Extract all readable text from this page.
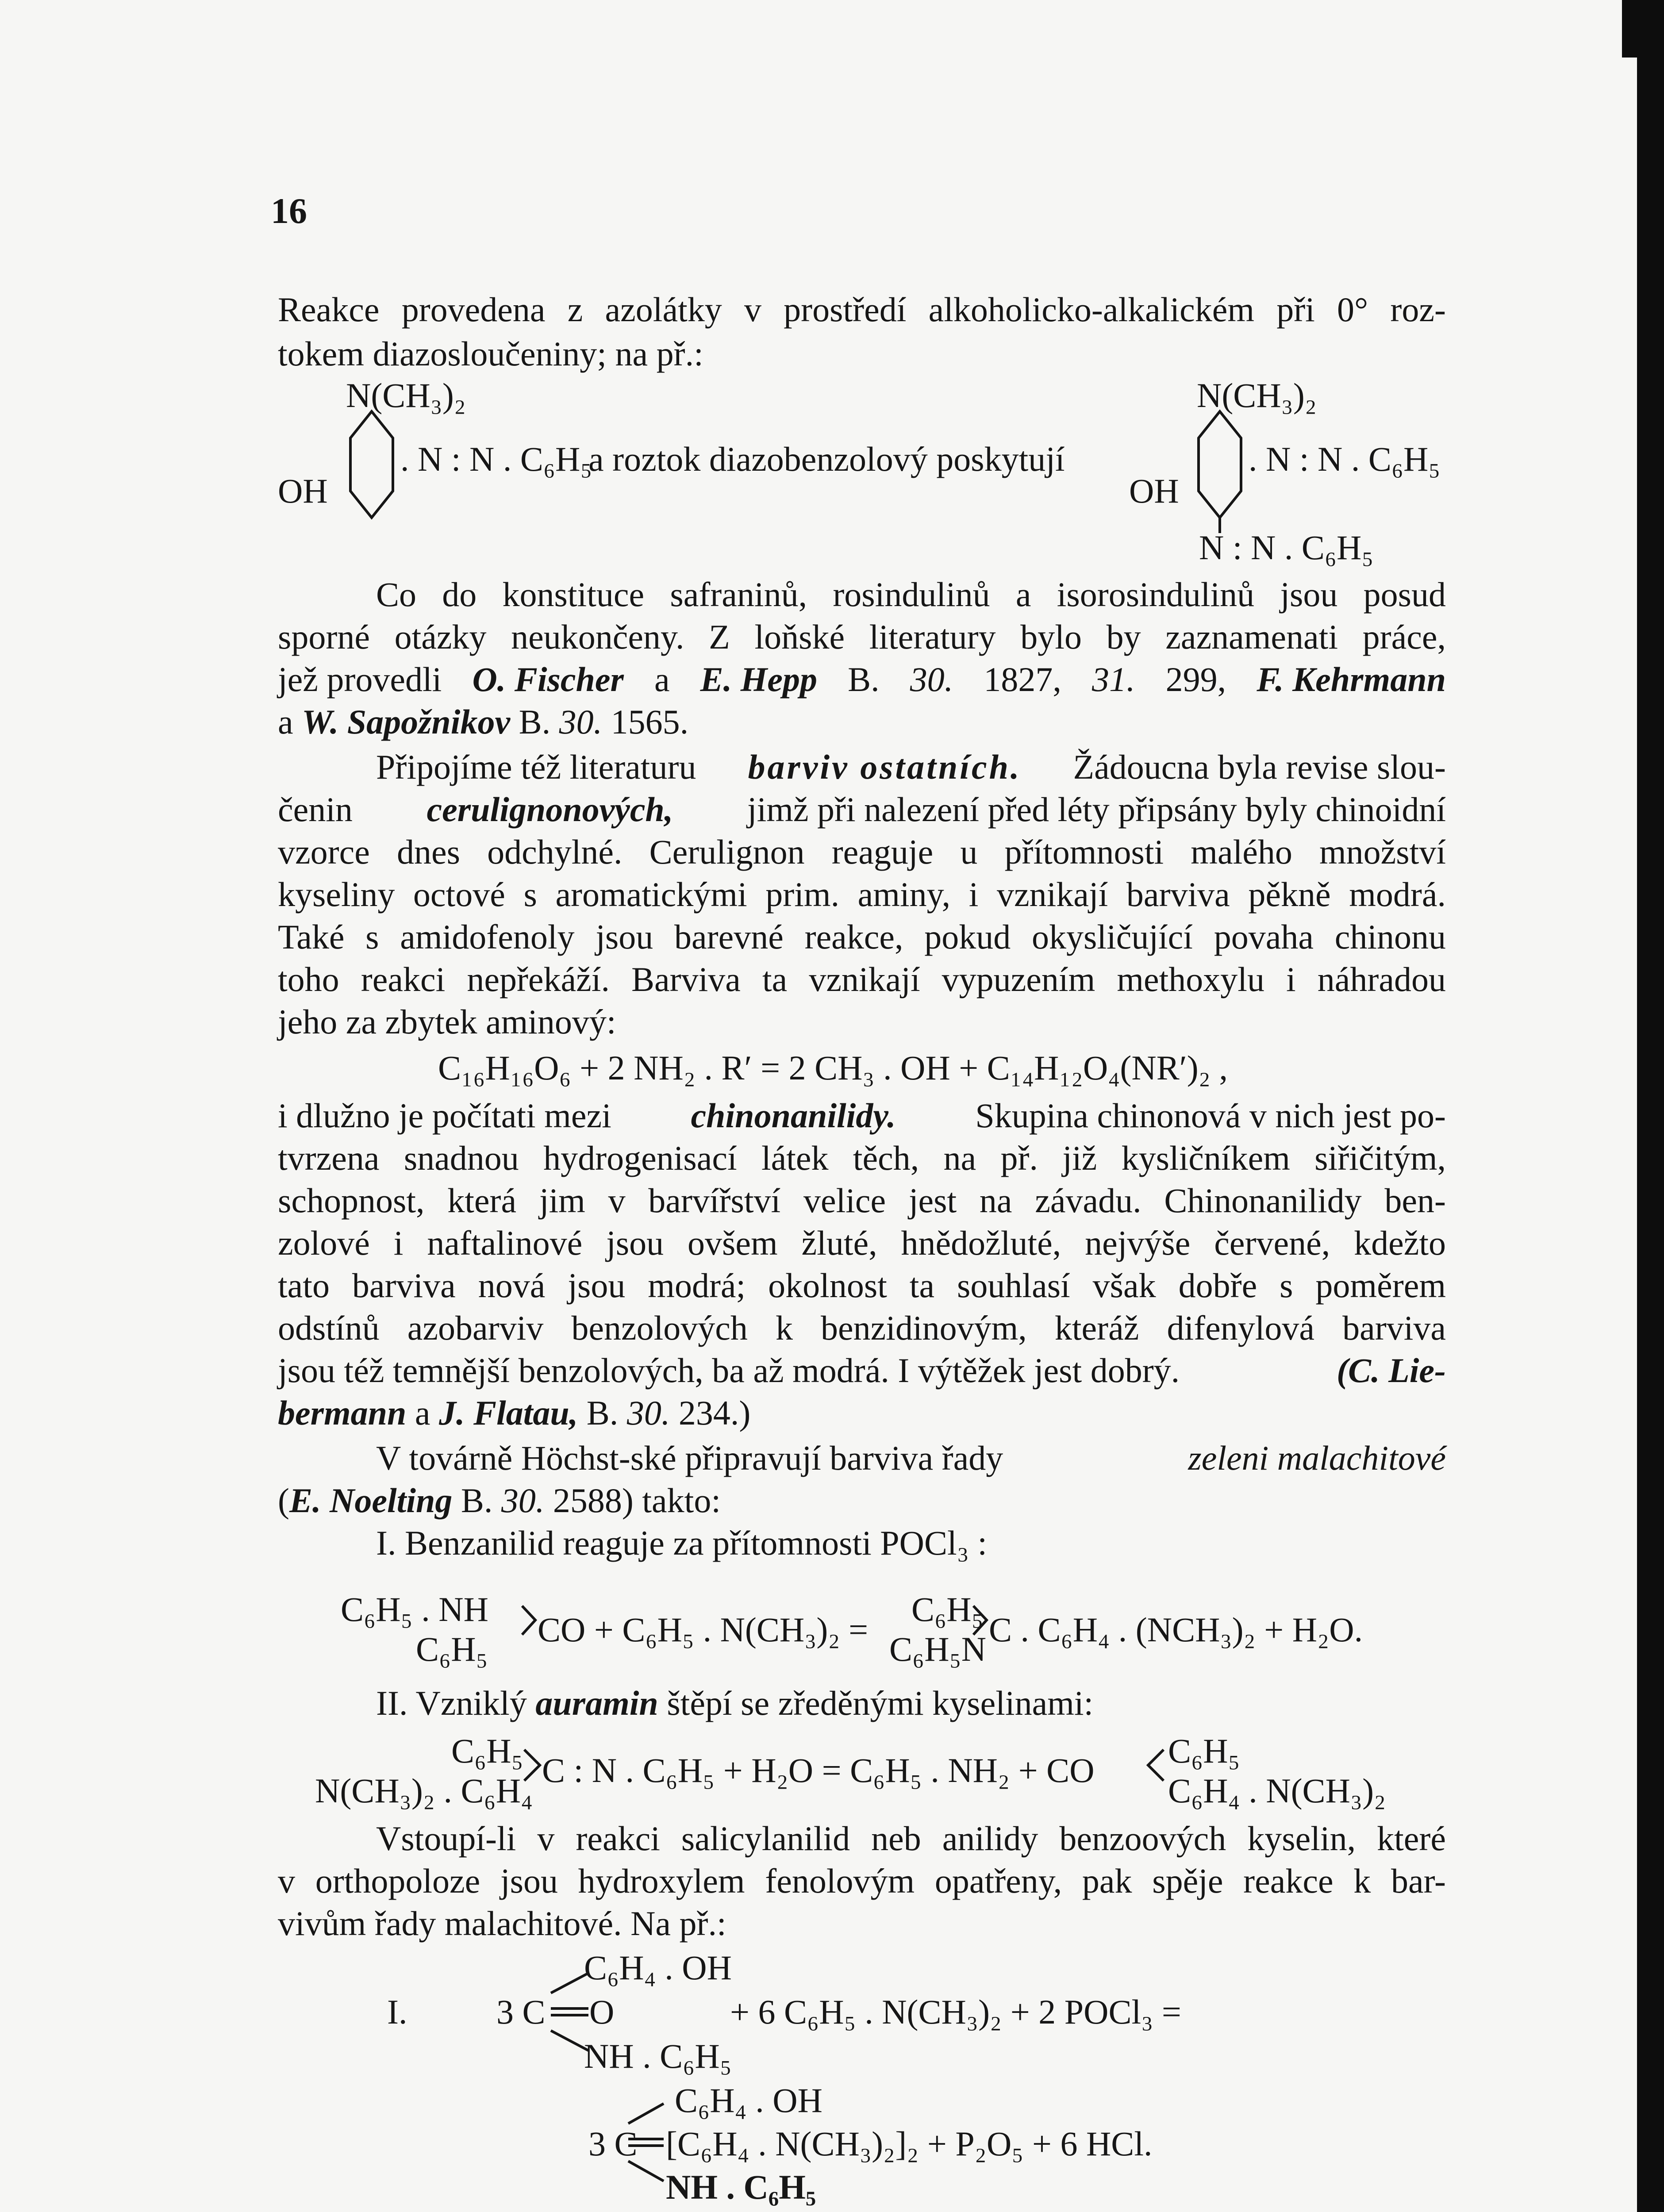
16
Reakce provedena z azolátky v prostředí alkoholicko-alkalickém při 0° roz-
tokem diazosloučeniny; na př.:
N(CH₃)₂
OH
. N : N . C₆H₅
a roztok diazobenzolový poskytují
N(CH₃)₂
OH
. N : N . C₆H₅
N : N . C₆H₅
Co do konstituce safraninů, rosindulinů a isorosindulinů jsou posud
sporné otázky neukončeny. Z loňské literatury bylo by zaznamenati práce,
jež provedli O. Fischer a E. Hepp B. 30. 1827, 31. 299, F. Kehrmann
a W. Sapožnikov B. 30. 1565.
Připojíme též literaturu barviv ostatních. Žádoucna byla revise slou-
čenin cerulignonových, jimž při nalezení před léty připsány byly chinoidní
vzorce dnes odchylné. Cerulignon reaguje u přítomnosti malého množství
kyseliny octové s aromatickými prim. aminy, i vznikají barviva pěkně modrá.
Také s amidofenoly jsou barevné reakce, pokud okysličující povaha chinonu
toho reakci nepřekáží. Barviva ta vznikají vypuzením methoxylu i náhradou
jeho za zbytek aminový:
C₁₆H₁₆O₆ + 2 NH₂ . R′ = 2 CH₃ . OH + C₁₄H₁₂O₄(NR′)₂ ,
i dlužno je počítati mezi chinonanilidy. Skupina chinonová v nich jest po-
tvrzena snadnou hydrogenisací látek těch, na př. již kysličníkem siřičitým,
schopnost, která jim v barvířství velice jest na závadu. Chinonanilidy ben-
zolové i naftalinové jsou ovšem žluté, hnědožluté, nejvýše červené, kdežto
tato barviva nová jsou modrá; okolnost ta souhlasí však dobře s poměrem
odstínů azobarviv benzolových k benzidinovým, kteráž difenylová barviva
jsou též temnější benzolových, ba až modrá. I výtěžek jest dobrý.	(C. Lie-
bermann a J. Flatau, B. 30. 234.)
V továrně Höchst-ské připravují barviva řady	zeleni malachitové
(E. Noelting B. 30. 2588) takto:
I. Benzanilid reaguje za přítomnosti POCl₃ :
C₆H₅ . NH
C₆H₅
CO + C₆H₅ . N(CH₃)₂ =
C₆H₅
C₆H₅N
C . C₆H₄ . (NCH₃)₂ + H₂O.
II. Vzniklý auramin štěpí se zředěnými kyselinami:
C₆H₅
N(CH₃)₂ . C₆H₄
C : N . C₆H₅ + H₂O = C₆H₅ . NH₂ + CO
C₆H₅
C₆H₄ . N(CH₃)₂
Vstoupí-li v reakci salicylanilid neb anilidy benzoových kyselin, které
v orthopoloze jsou hydroxylem fenolovým opatřeny, pak spěje reakce k bar-
vivům řady malachitové. Na př.:
I.
C₆H₄ . OH
3 C O	+ 6 C₆H₅ . N(CH₃)₂ + 2 POCl₃ =
NH . C₆H₅
C₆H₄ . OH
3 C [C₆H₄ . N(CH₃)₂]₂ + P₂O₅ + 6 HCl.
NH . C₆H₅
